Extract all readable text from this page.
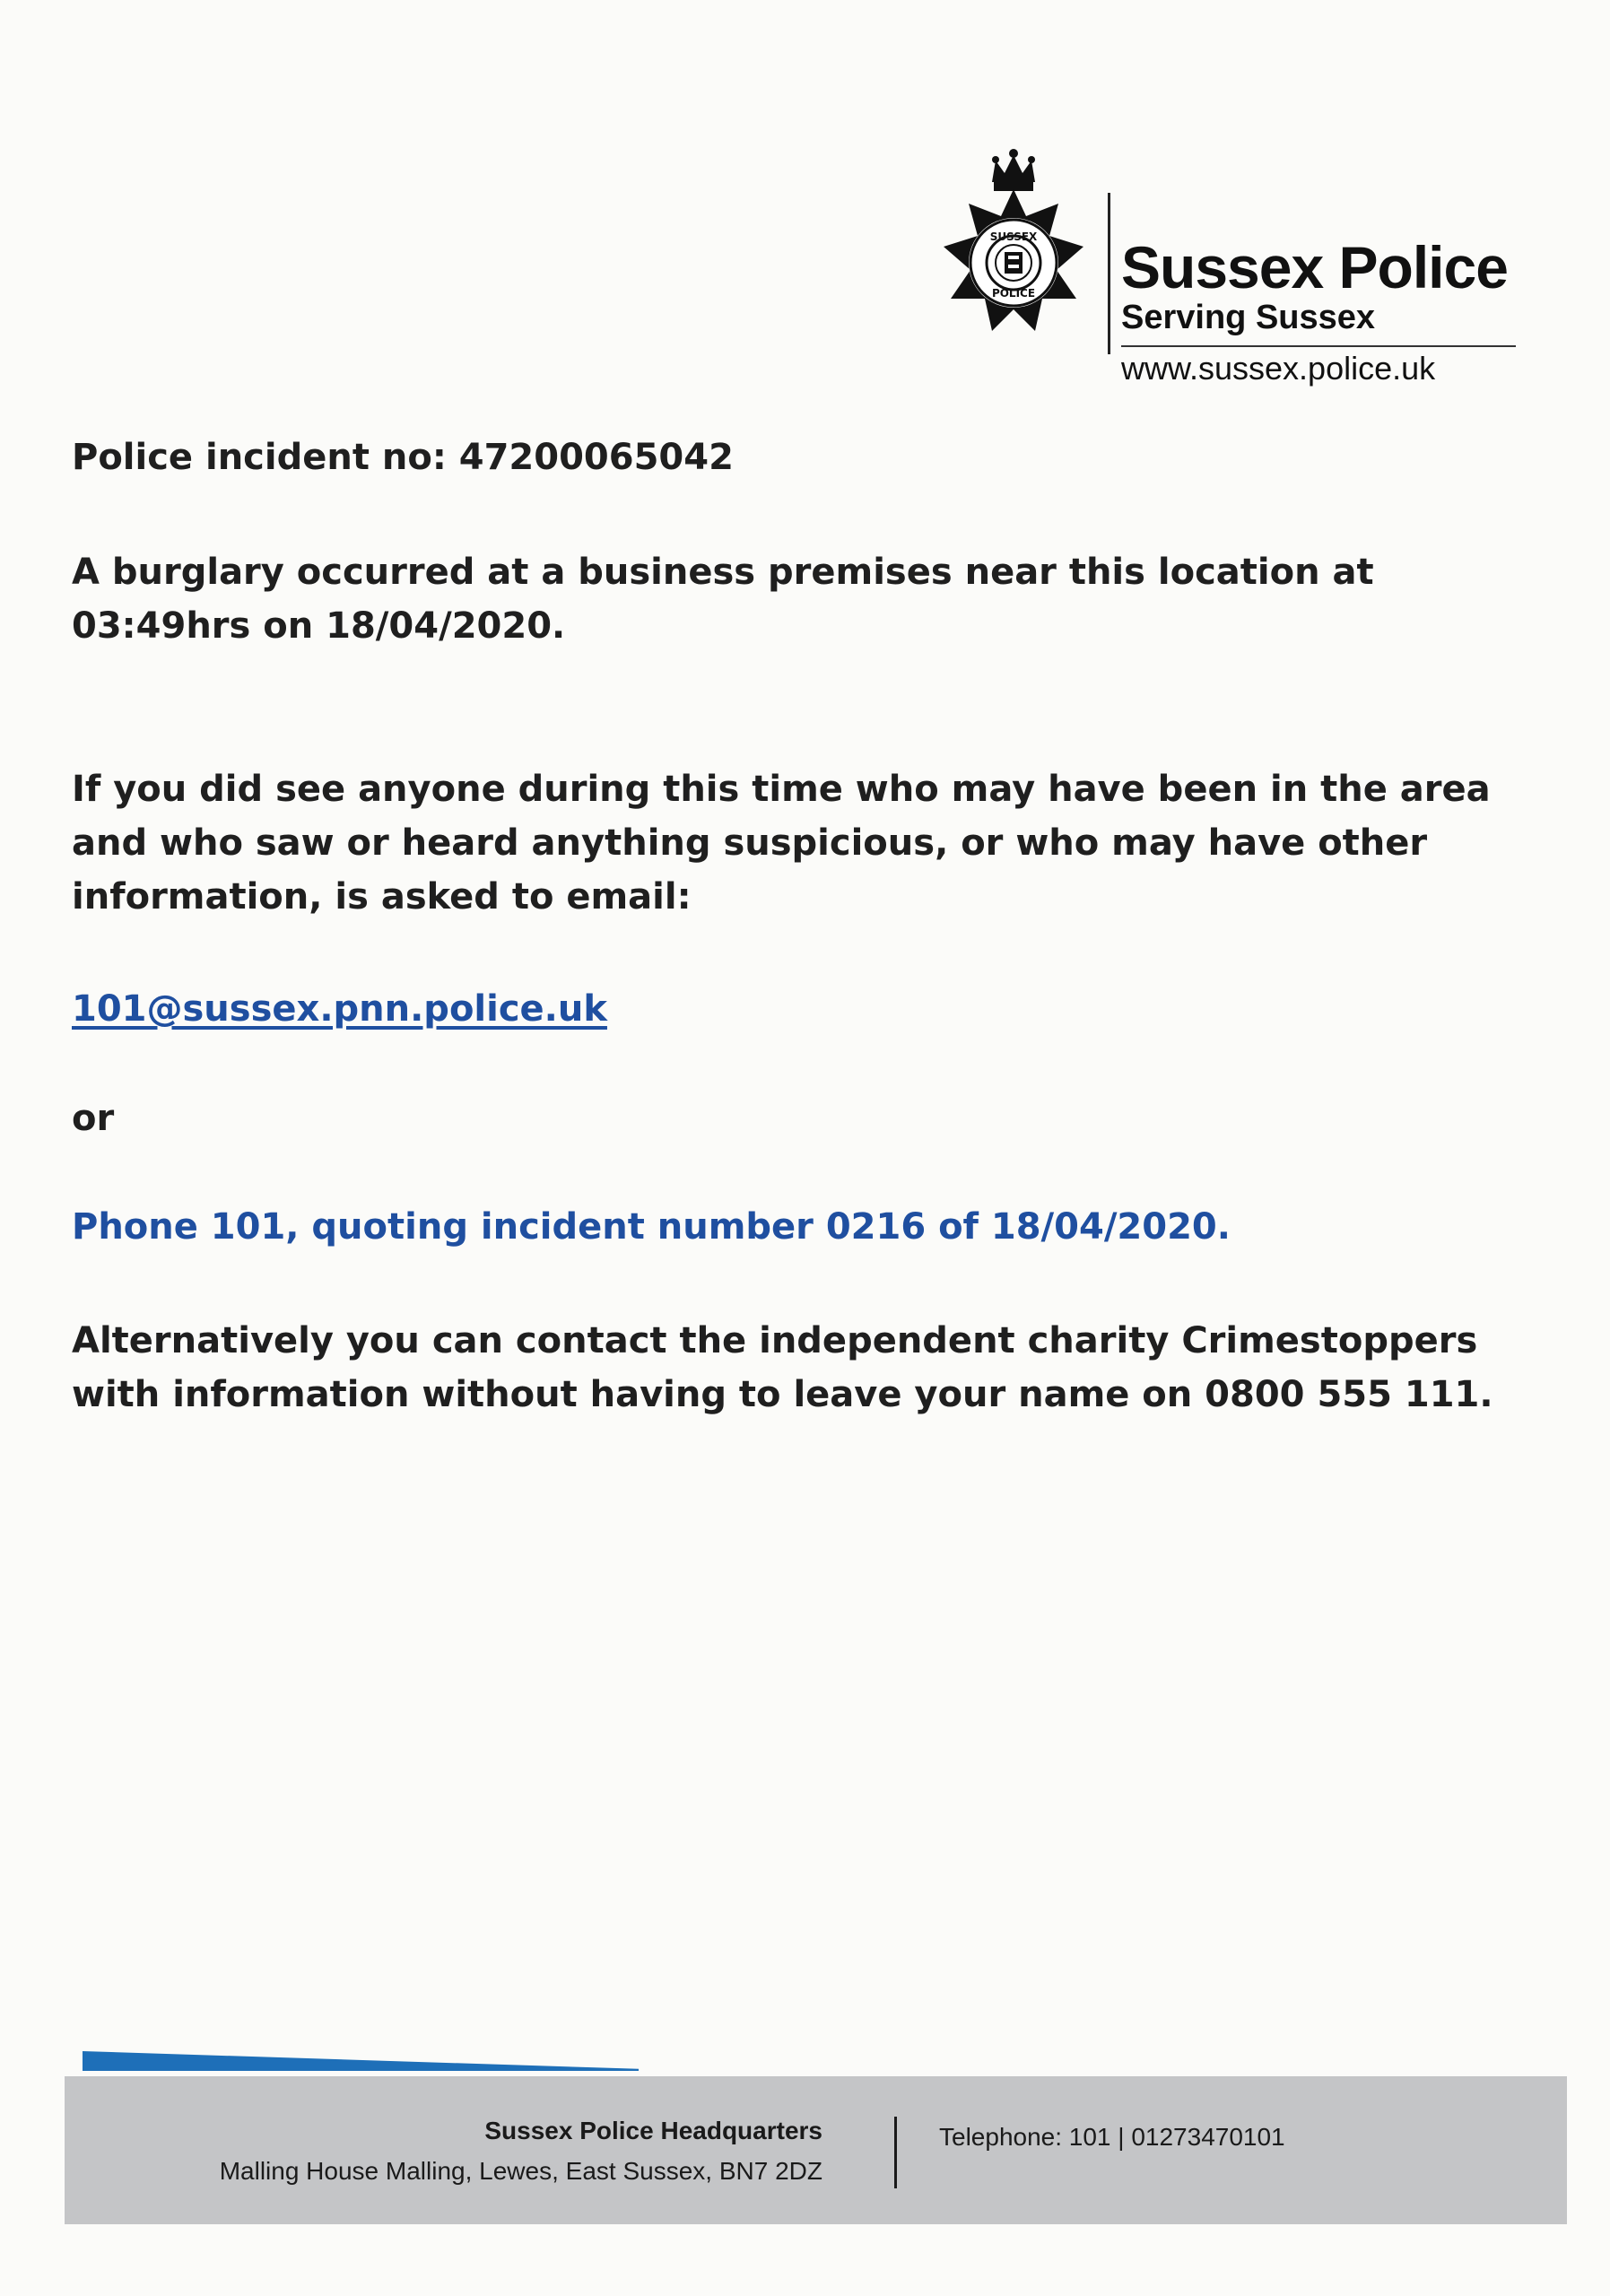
SUSSEX
POLICE Sussex Police
Serving Sussex
www.sussex.police.uk
Police incident no: 47200065042
A burglary occurred at a business premises near this location at 03:49hrs on 18/04/2020.
If you did see anyone during this time who may have been in the area and who saw or heard anything suspicious, or who may have other information, is asked to email:
101@sussex.pnn.police.uk
or
Phone 101, quoting incident number 0216 of 18/04/2020.
Alternatively you can contact the independent charity Crimestoppers with information without having to leave your name on 0800 555 111.
Sussex Police Headquarters
Malling House Malling, Lewes, East Sussex, BN7 2DZ
Telephone: 101 | 01273470101
